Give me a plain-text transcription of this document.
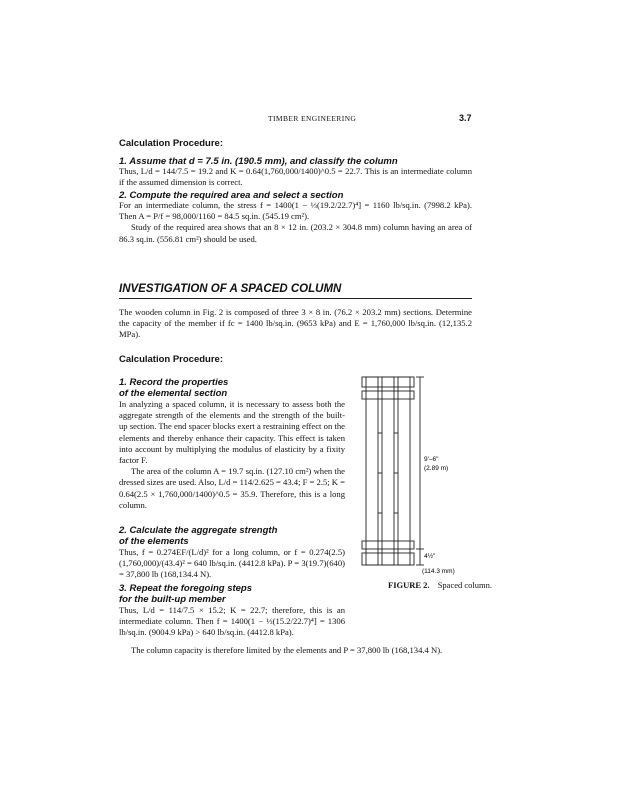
TIMBER ENGINEERING	3.7
Calculation Procedure:
1. Assume that d = 7.5 in. (190.5 mm), and classify the column

Thus, L/d = 144/7.5 = 19.2 and K = 0.64(1,760,000/1400)^0.5 = 22.7. This is an intermediate column if the assumed dimension is correct.

2. Compute the required area and select a section

For an intermediate column, the stress f = 1400(1 − ⅓(19.2/22.7)⁴] = 1160 lb/sq.in. (7998.2 kPa). Then A = P/f = 98,000/1160 = 84.5 sq.in. (545.19 cm²).

Study of the required area shows that an 8 × 12 in. (203.2 × 304.8 mm) column having an area of 86.3 sq.in. (556.81 cm²) should be used.

INVESTIGATION OF A SPACED COLUMN

The wooden column in Fig. 2 is composed of three 3 × 8 in. (76.2 × 203.2 mm) sections. Determine the capacity of the member if fc = 1400 lb/sq.in. (9653 kPa) and E = 1,760,000 lb/sq.in. (12,135.2 MPa).

Calculation Procedure:
1. Record the properties
of the elemental section

In analyzing a spaced column, it is necessary to assess both the aggregate strength of the elements and the strength of the built-up section. The end spacer blocks exert a restraining effect on the elements and thereby enhance their capacity. This effect is taken into account by multiplying the modulus of elasticity by a fixity factor F.

The area of the column A = 19.7 sq.in. (127.10 cm²) when the dressed sizes are used. Also, L/d = 114/2.625 = 43.4; F = 2.5; K = 0.64(2.5 × 1,760,000/1400)^0.5 = 35.9. Therefore, this is a long column.

2. Calculate the aggregate strength
of the elements

Thus, f = 0.274EF/(L/d)² for a long column, or f = 0.274(2.5)(1,760,000)/(43.4)² = 640 lb/sq.in. (4412.8 kPa). P = 3(19.7)(640) = 37,800 lb (168,134.4 N).

3. Repeat the foregoing steps
for the built-up member

Thus, L/d = 114/7.5 × 15.2; K = 22.7; therefore, this is an intermediate column. Then f = 1400(1 − ⅓(15.2/22.7)⁴] = 1306 lb/sq.in. (9004.9 kPa) > 640 lb/sq.in. (4412.8 kPa).

The column capacity is therefore limited by the elements and P = 37,800 lb (168,134.4 N).

9'–6"
(2.89 m)
4½"
(114.3 mm)
FIGURE 2. Spaced column.
